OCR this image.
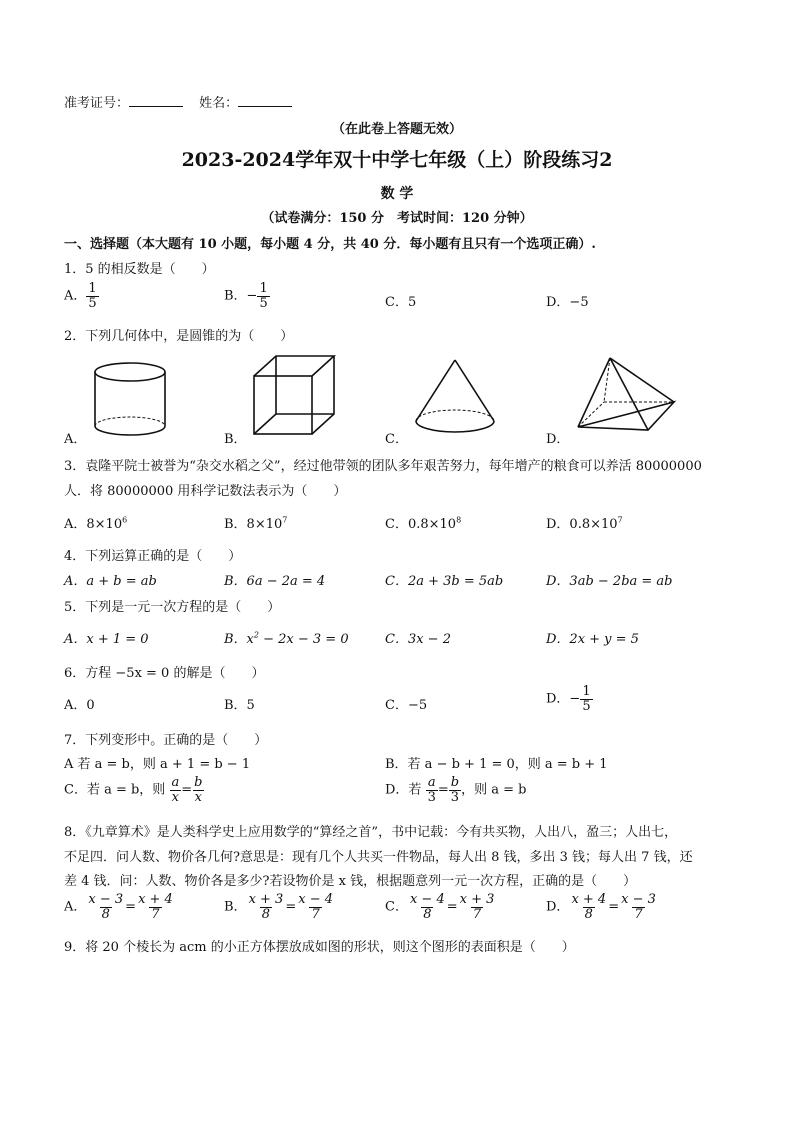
准考证号：	姓名：
（在此卷上答题无效）
2023-2024学年双十中学七年级（上）阶段练习2
数 学
（试卷满分：150 分　考试时间：120 分钟）
一、选择题（本大题有 10 小题，每小题 4 分，共 40 分．每小题有且只有一个选项正确）.
1．5 的相反数是（　　）
A． $\frac{1}{5}$	B．− $\frac{1}{5}$	C．5	D．−5
2．下列几何体中，是圆锥的为（　　）
A．	B．	C．	D．
3．袁隆平院士被誉为“杂交水稻之父”，经过他带领的团队多年艰苦努力，每年增产的粮食可以养活 80000000
人．将 80000000 用科学记数法表示为（　　）
A．$8\times 10^6$	B．$8\times 10^7$	C．$0.8\times 10^8$	D．$0.8\times 10^7$
4．下列运算正确的是（　　）
A．a + b = ab	B．6a − 2a = 4	C．2a + 3b = 5ab	D．3ab − 2ba = ab
5．下列是一元一次方程的是（　　）
A．x + 1 = 0	B．$x^2 - 2x - 3 = 0$	C．3x − 2	D．2x + y = 5
6．方程 −5x = 0 的解是（　　）
A．0	B．5	C．−5	D．− $\frac{1}{5}$
7．下列变形中。正确的是（　　）
A 若 a = b，则 a + 1 = b − 1	B．若 a − b + 1 = 0，则 a = b + 1
C．若 a = b，则 $\frac{a}{x} = \frac{b}{x}$	D．若 $\frac{a}{3} = \frac{b}{3}$ ，则 a = b
8．《九章算术》是人类科学史上应用数学的“算经之首”，书中记载：今有共买物，人出八，盈三；人出七，
不足四．问人数、物价各几何?意思是：现有几个人共买一件物品，每人出 8 钱，多出 3 钱；每人出 7 钱，还
差 4 钱．问：人数、物价各是多少?若设物价是 x 钱，根据题意列一元一次方程，正确的是（　　）
A． $\frac{x - 3}{8} = \frac{x + 4}{7}$	B． $\frac{x + 3}{8} = \frac{x - 4}{7}$	C． $\frac{x - 4}{8} = \frac{x + 3}{7}$	D． $\frac{x + 4}{8} = \frac{x - 3}{7}$
9．将 20 个棱长为 acm 的小正方体摆放成如图的形状，则这个图形的表面积是（　　）
